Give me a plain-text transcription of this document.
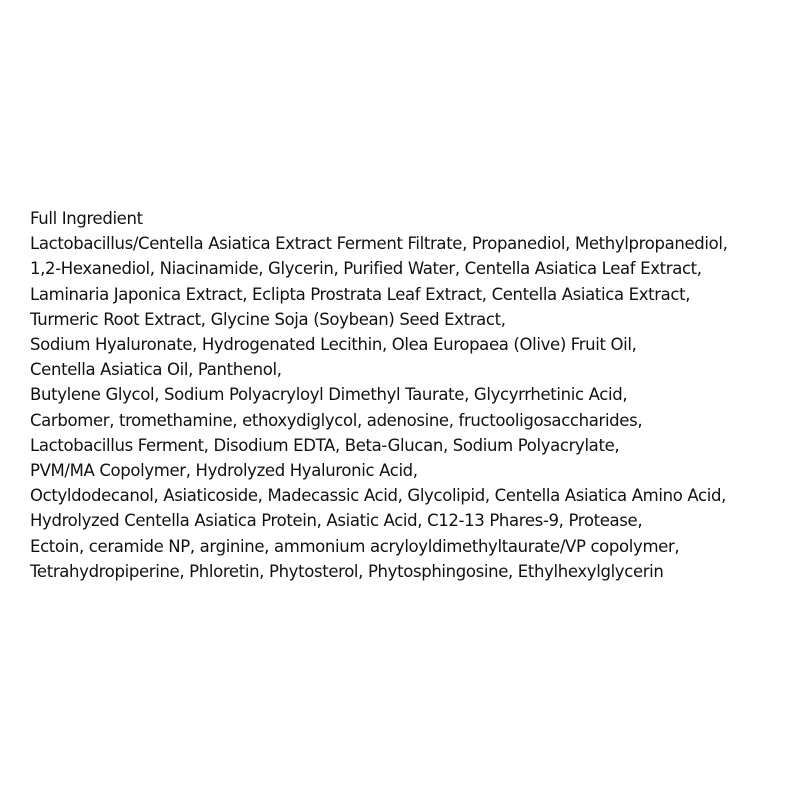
Full Ingredient
Lactobacillus/Centella Asiatica Extract Ferment Filtrate, Propanediol, Methylpropanediol,
1,2-Hexanediol, Niacinamide, Glycerin, Purified Water, Centella Asiatica Leaf Extract,
Laminaria Japonica Extract, Eclipta Prostrata Leaf Extract, Centella Asiatica Extract,
Turmeric Root Extract, Glycine Soja (Soybean) Seed Extract,
Sodium Hyaluronate, Hydrogenated Lecithin, Olea Europaea (Olive) Fruit Oil,
Centella Asiatica Oil, Panthenol,
Butylene Glycol, Sodium Polyacryloyl Dimethyl Taurate, Glycyrrhetinic Acid,
Carbomer, tromethamine, ethoxydiglycol, adenosine, fructooligosaccharides,
Lactobacillus Ferment, Disodium EDTA, Beta-Glucan, Sodium Polyacrylate,
PVM/MA Copolymer, Hydrolyzed Hyaluronic Acid,
Octyldodecanol, Asiaticoside, Madecassic Acid, Glycolipid, Centella Asiatica Amino Acid,
Hydrolyzed Centella Asiatica Protein, Asiatic Acid, C12-13 Phares-9, Protease,
Ectoin, ceramide NP, arginine, ammonium acryloyldimethyltaurate/VP copolymer,
Tetrahydropiperine, Phloretin, Phytosterol, Phytosphingosine, Ethylhexylglycerin
